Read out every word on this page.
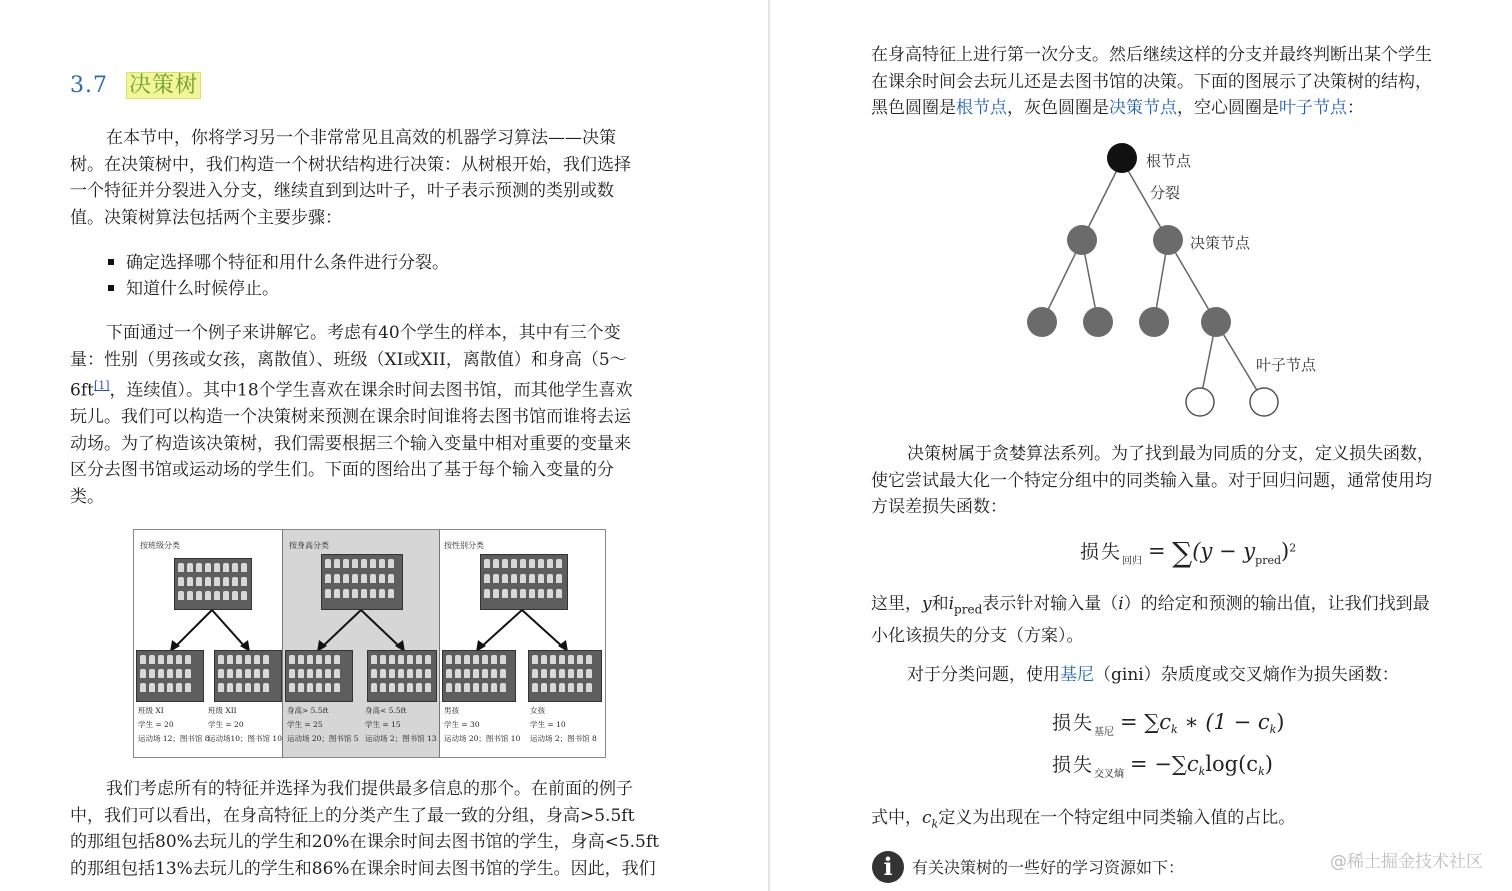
3.7 决策树
在本节中，你将学习另一个非常常见且高效的机器学习算法——决策
树。在决策树中，我们构造一个树状结构进行决策：从树根开始，我们选择
一个特征并分裂进入分支，继续直到到达叶子，叶子表示预测的类别或数
值。决策树算法包括两个主要步骤：
确定选择哪个特征和用什么条件进行分裂。
知道什么时候停止。
下面通过一个例子来讲解它。考虑有40个学生的样本，其中有三个变
量：性别（男孩或女孩，离散值）、班级（XI或XII，离散值）和身高（5～
6ft[1]，连续值）。其中18个学生喜欢在课余时间去图书馆，而其他学生喜欢
玩儿。我们可以构造一个决策树来预测在课余时间谁将去图书馆而谁将去运
动场。为了构造该决策树，我们需要根据三个输入变量中相对重要的变量来
区分去图书馆或运动场的学生们。下面的图给出了基于每个输入变量的分
类。
按班级分类
班级 XI
学生 = 20
运动场 12；图书馆 8
班级 XII
学生 = 20
运动场10；图书馆 10
按身高分类
身高> 5.5ft
学生 = 25
运动场 20；图书馆 5
身高< 5.5ft
学生 = 15
运动场 2；图书馆 13
按性别分类
男孩
学生 = 30
运动场 20；图书馆 10
女孩
学生 = 10
运动场 2；图书馆 8
我们考虑所有的特征并选择为我们提供最多信息的那个。在前面的例子
中，我们可以看出，在身高特征上的分类产生了最一致的分组，身高>5.5ft
的那组包括80%去玩儿的学生和20%在课余时间去图书馆的学生，身高<5.5ft
的那组包括13%去玩儿的学生和86%在课余时间去图书馆的学生。因此，我们
在身高特征上进行第一次分支。然后继续这样的分支并最终判断出某个学生
在课余时间会去玩儿还是去图书馆的决策。下面的图展示了决策树的结构，
黑色圆圈是根节点，灰色圆圈是决策节点，空心圆圈是叶子节点：
根节点
分裂
决策节点
叶子节点
决策树属于贪婪算法系列。为了找到最为同质的分支，定义损失函数，
使它尝试最大化一个特定分组中的同类输入量。对于回归问题，通常使用均
方误差损失函数：
损失$_{回归} = \sum(y - y_{pred})^2$
这里，y和$i_{pred}$表示针对输入量（i）的给定和预测的输出值，让我们找到最
小化该损失的分支（方案）。
对于分类问题，使用基尼（gini）杂质度或交叉熵作为损失函数：
损失$_{基尼} = \sum c_k$ ∗ $(1 - c_k)$
损失$_{交叉熵} = -\sum c_k\log(c_k)$
式中，$c_k$定义为出现在一个特定组中同类输入值的占比。
i	有关决策树的一些好的学习资源如下：	@稀土掘金技术社区
